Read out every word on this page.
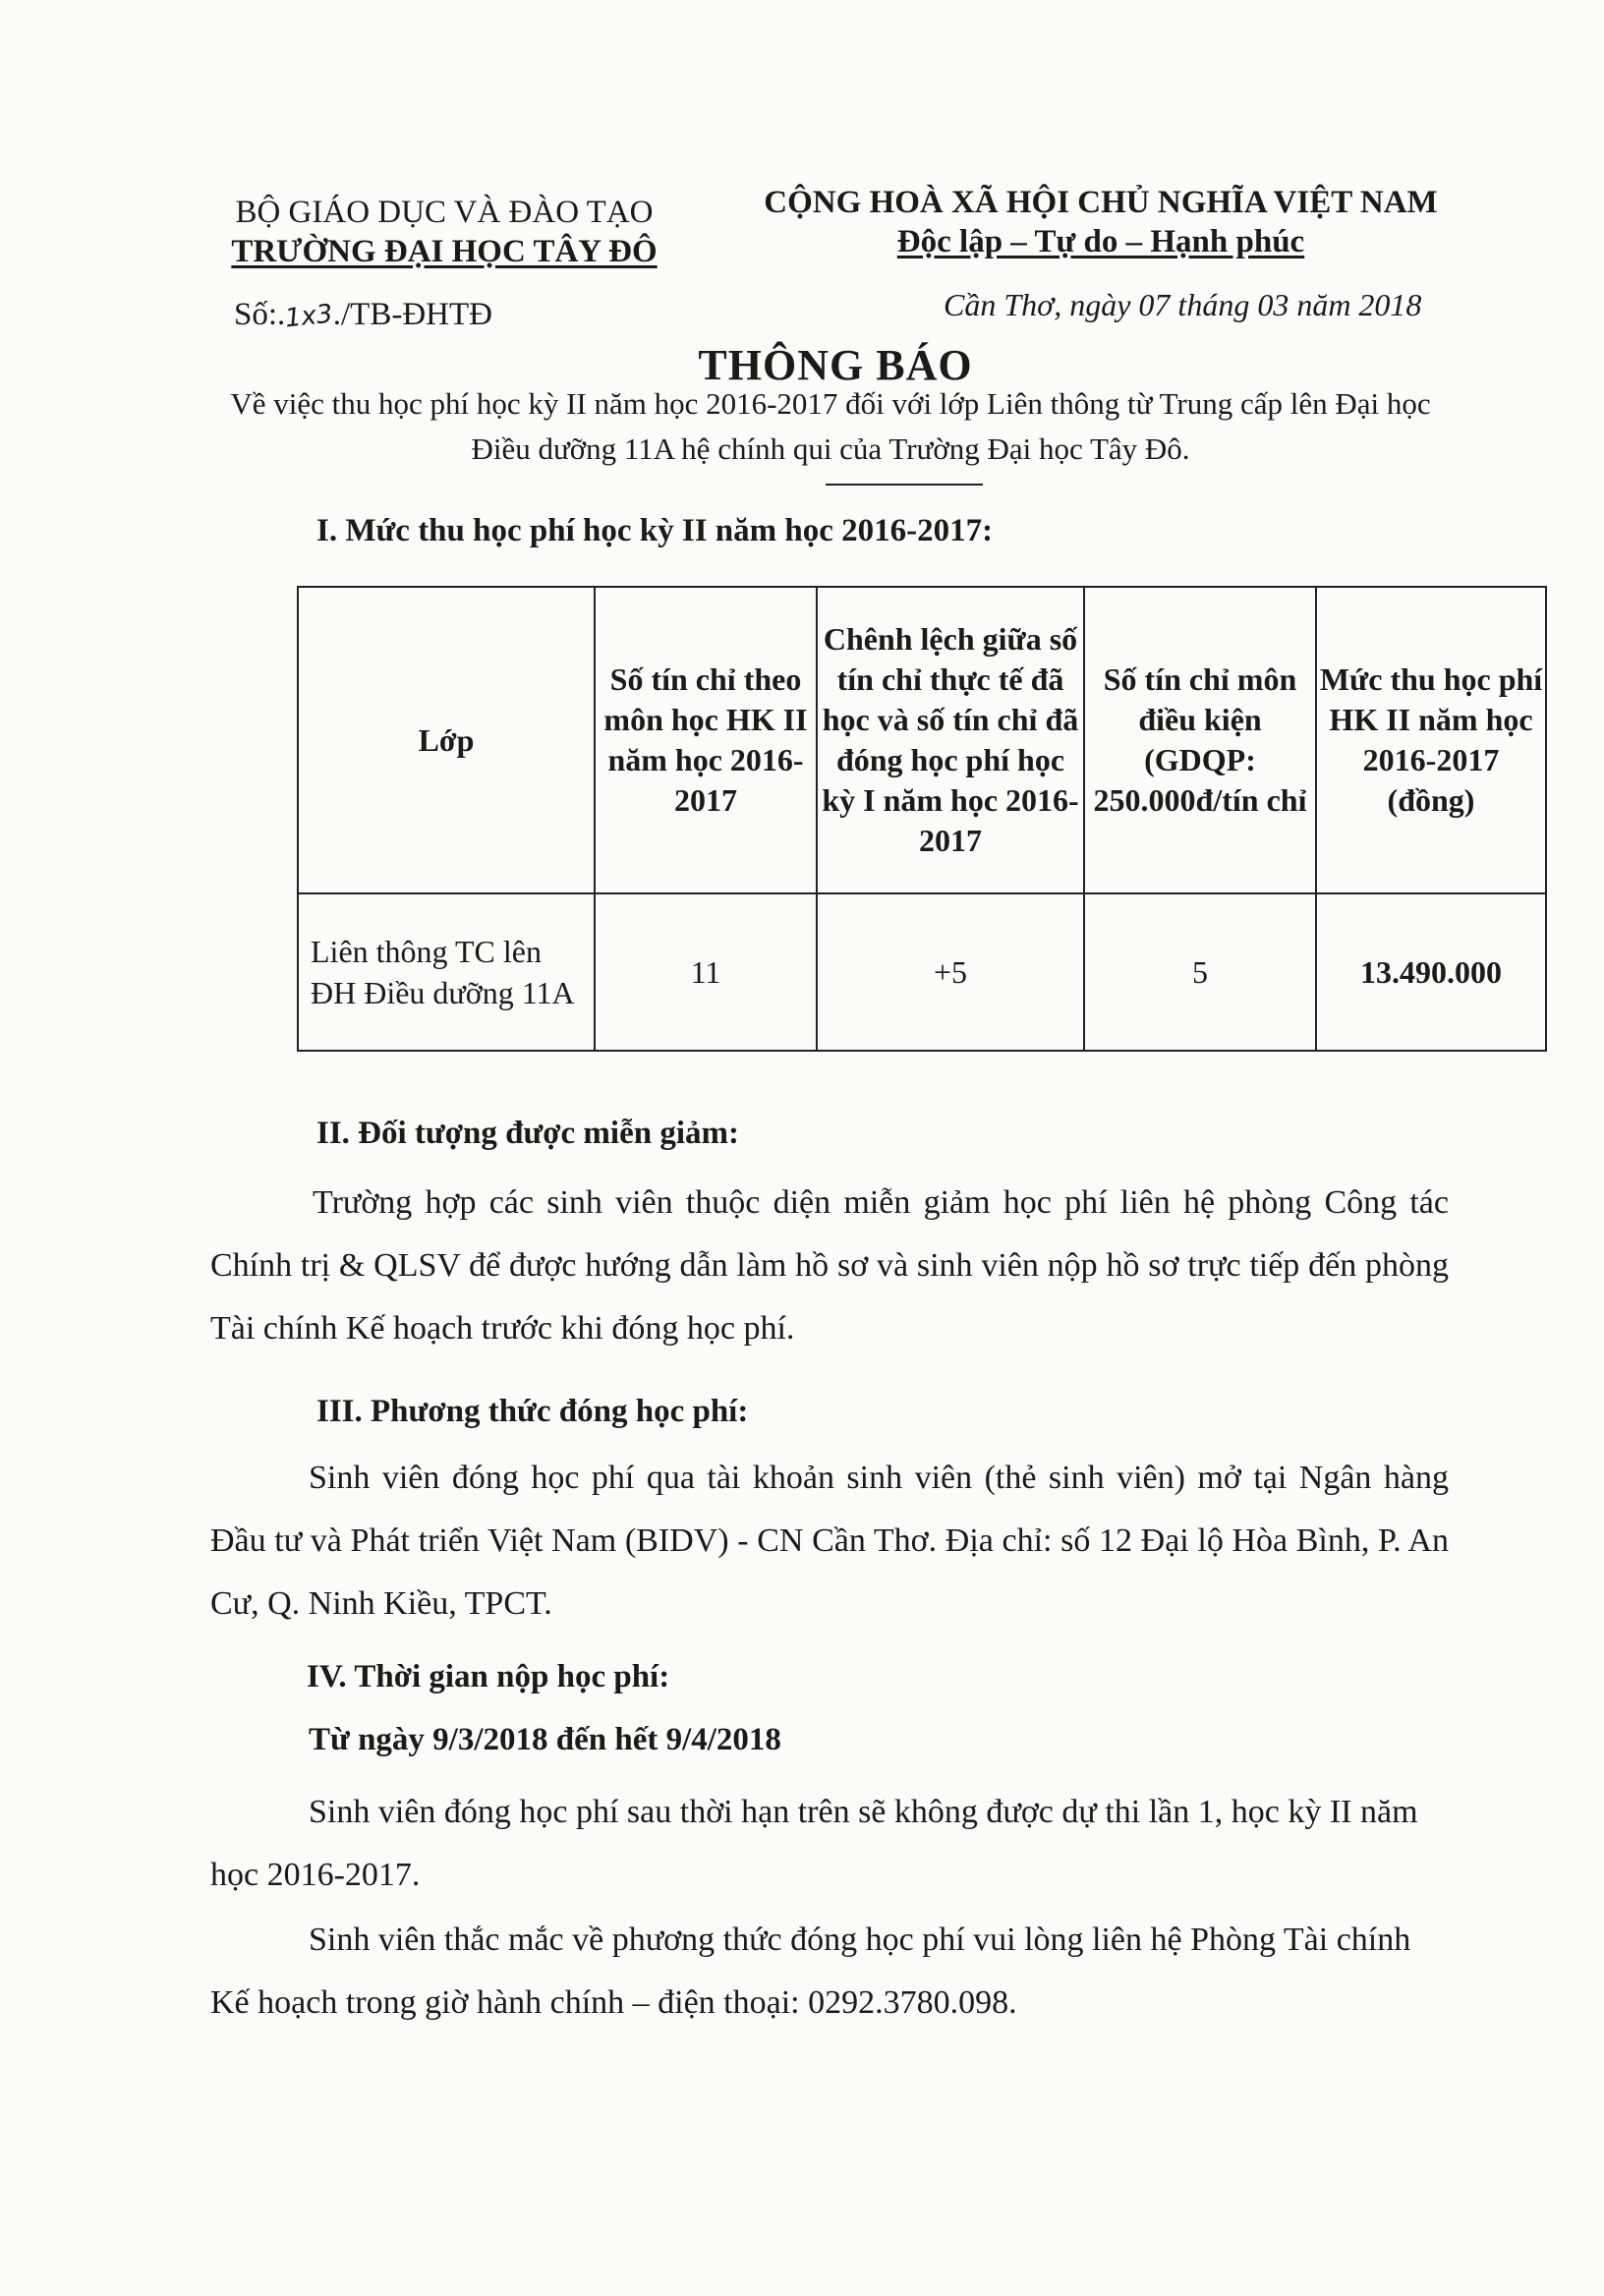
BỘ GIÁO DỤC VÀ ĐÀO TẠO
TRƯỜNG ĐẠI HỌC TÂY ĐÔ
Số:.1ⅹ3./TB-ĐHTĐ
CỘNG HOÀ XÃ HỘI CHỦ NGHĨA VIỆT NAM
Độc lập – Tự do – Hạnh phúc
Cần Thơ, ngày 07 tháng 03 năm 2018
THÔNG BÁO
Về việc thu học phí học kỳ II năm học 2016-2017 đối với lớp Liên thông từ Trung cấp lên Đại học Điều dưỡng 11A hệ chính qui của Trường Đại học Tây Đô.
I. Mức thu học phí học kỳ II năm học 2016-2017:
Lớp	Số tín chỉ theo môn học HK II năm học 2016-2017	Chênh lệch giữa số tín chỉ thực tế đã học và số tín chỉ đã đóng học phí học kỳ I năm học 2016-2017	Số tín chỉ môn điều kiện (GDQP: 250.000đ/tín chỉ	Mức thu học phí HK II năm học 2016-2017 (đồng)
Liên thông TC lên ĐH Điều dưỡng 11A	11	+5	5	13.490.000
II. Đối tượng được miễn giảm:
Trường hợp các sinh viên thuộc diện miễn giảm học phí liên hệ phòng Công tác Chính trị & QLSV để được hướng dẫn làm hồ sơ và sinh viên nộp hồ sơ trực tiếp đến phòng Tài chính Kế hoạch trước khi đóng học phí.
III. Phương thức đóng học phí:
Sinh viên đóng học phí qua tài khoản sinh viên (thẻ sinh viên) mở tại Ngân hàng Đầu tư và Phát triển Việt Nam (BIDV) - CN Cần Thơ. Địa chỉ: số 12 Đại lộ Hòa Bình, P. An Cư, Q. Ninh Kiều, TPCT.
IV. Thời gian nộp học phí:
Từ ngày 9/3/2018 đến hết 9/4/2018
Sinh viên đóng học phí sau thời hạn trên sẽ không được dự thi lần 1, học kỳ II năm học 2016-2017.
Sinh viên thắc mắc về phương thức đóng học phí vui lòng liên hệ Phòng Tài chính Kế hoạch trong giờ hành chính – điện thoại: 0292.3780.098.
